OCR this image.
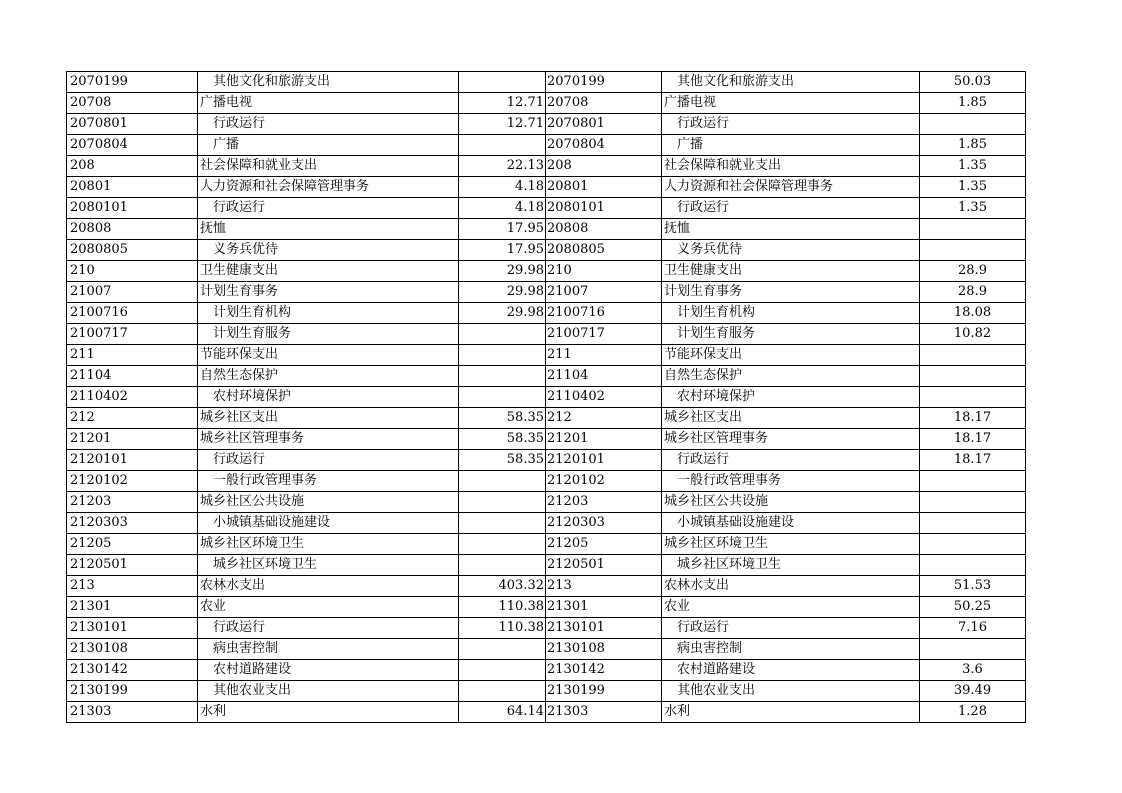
2070199	其他文化和旅游支出		2070199	其他文化和旅游支出	50.03
20708	广播电视	12.71	20708	广播电视	1.85
2070801	行政运行	12.71	2070801	行政运行	
2070804	广播		2070804	广播	1.85
208	社会保障和就业支出	22.13	208	社会保障和就业支出	1.35
20801	人力资源和社会保障管理事务	4.18	20801	人力资源和社会保障管理事务	1.35
2080101	行政运行	4.18	2080101	行政运行	1.35
20808	抚恤	17.95	20808	抚恤	
2080805	义务兵优待	17.95	2080805	义务兵优待	
210	卫生健康支出	29.98	210	卫生健康支出	28.9
21007	计划生育事务	29.98	21007	计划生育事务	28.9
2100716	计划生育机构	29.98	2100716	计划生育机构	18.08
2100717	计划生育服务		2100717	计划生育服务	10.82
211	节能环保支出		211	节能环保支出	
21104	自然生态保护		21104	自然生态保护	
2110402	农村环境保护		2110402	农村环境保护	
212	城乡社区支出	58.35	212	城乡社区支出	18.17
21201	城乡社区管理事务	58.35	21201	城乡社区管理事务	18.17
2120101	行政运行	58.35	2120101	行政运行	18.17
2120102	一般行政管理事务		2120102	一般行政管理事务	
21203	城乡社区公共设施		21203	城乡社区公共设施	
2120303	小城镇基础设施建设		2120303	小城镇基础设施建设	
21205	城乡社区环境卫生		21205	城乡社区环境卫生	
2120501	城乡社区环境卫生		2120501	城乡社区环境卫生	
213	农林水支出	403.32	213	农林水支出	51.53
21301	农业	110.38	21301	农业	50.25
2130101	行政运行	110.38	2130101	行政运行	7.16
2130108	病虫害控制		2130108	病虫害控制	
2130142	农村道路建设		2130142	农村道路建设	3.6
2130199	其他农业支出		2130199	其他农业支出	39.49
21303	水利	64.14	21303	水利	1.28
